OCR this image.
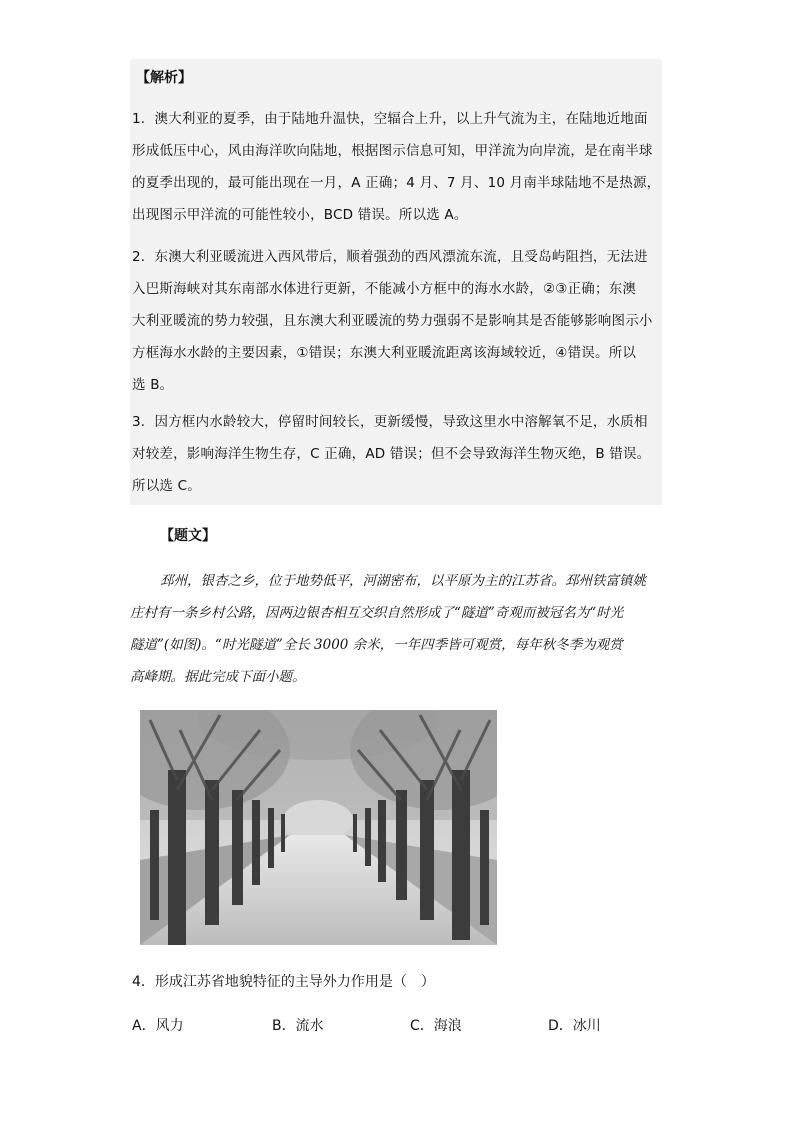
【解析】
1．澳大利亚的夏季，由于陆地升温快，空辐合上升，以上升气流为主，在陆地近地面
形成低压中心，风由海洋吹向陆地，根据图示信息可知，甲洋流为向岸流，是在南半球
的夏季出现的，最可能出现在一月，A 正确；4 月、7 月、10 月南半球陆地不是热源，
出现图示甲洋流的可能性较小，BCD 错误。所以选 A。
2．东澳大利亚暖流进入西风带后，顺着强劲的西风漂流东流，且受岛屿阻挡，无法进
入巴斯海峡对其东南部水体进行更新，不能减小方框中的海水水龄，②③正确；东澳
大利亚暖流的势力较强，且东澳大利亚暖流的势力强弱不是影响其是否能够影响图示小
方框海水水龄的主要因素，①错误；东澳大利亚暖流距离该海域较近，④错误。所以
选 B。
3．因方框内水龄较大，停留时间较长，更新缓慢，导致这里水中溶解氧不足，水质相
对较差，影响海洋生物生存，C 正确，AD 错误；但不会导致海洋生物灭绝，B 错误。
所以选 C。
【题文】
邳州，银杏之乡，位于地势低平，河湖密布，以平原为主的江苏省。邳州铁富镇姚
庄村有一条乡村公路，因两边银杏相互交织自然形成了“隧道”奇观而被冠名为“时光
隧道”(如图)。“时光隧道”全长 3000 余米，一年四季皆可观赏，每年秋冬季为观赏
高峰期。据此完成下面小题。
4．形成江苏省地貌特征的主导外力作用是（　）
A．风力	B．流水	C．海浪	D．冰川
